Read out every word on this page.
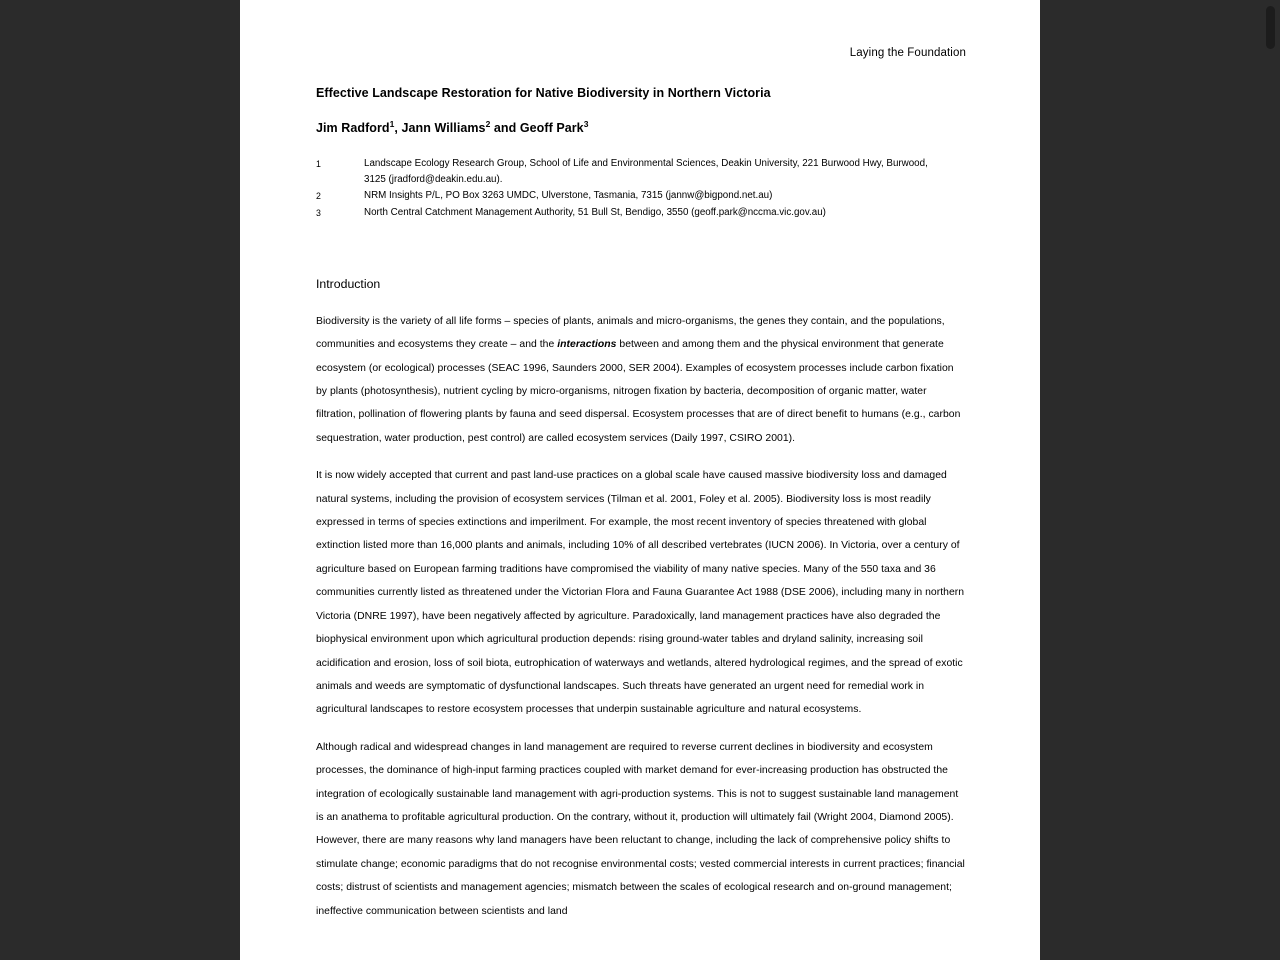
Laying the Foundation
Effective Landscape Restoration for Native Biodiversity in Northern Victoria
Jim Radford$^1$, Jann Williams$^2$ and Geoff Park$^3$
1	Landscape Ecology Research Group, School of Life and Environmental Sciences, Deakin University, 221 Burwood Hwy, Burwood, 3125 (jradford@deakin.edu.au).
2	NRM Insights P/L, PO Box 3263 UMDC, Ulverstone, Tasmania, 7315 (jannw@bigpond.net.au)
3	North Central Catchment Management Authority, 51 Bull St, Bendigo, 3550 (geoff.park@nccma.vic.gov.au)
Introduction
Biodiversity is the variety of all life forms – species of plants, animals and micro-organisms, the genes they contain, and the populations, communities and ecosystems they create – and the interactions between and among them and the physical environment that generate ecosystem (or ecological) processes (SEAC 1996, Saunders 2000, SER 2004). Examples of ecosystem processes include carbon fixation by plants (photosynthesis), nutrient cycling by micro-organisms, nitrogen fixation by bacteria, decomposition of organic matter, water filtration, pollination of flowering plants by fauna and seed dispersal. Ecosystem processes that are of direct benefit to humans (e.g., carbon sequestration, water production, pest control) are called ecosystem services (Daily 1997, CSIRO 2001).
It is now widely accepted that current and past land-use practices on a global scale have caused massive biodiversity loss and damaged natural systems, including the provision of ecosystem services (Tilman et al. 2001, Foley et al. 2005). Biodiversity loss is most readily expressed in terms of species extinctions and imperilment. For example, the most recent inventory of species threatened with global extinction listed more than 16,000 plants and animals, including 10% of all described vertebrates (IUCN 2006). In Victoria, over a century of agriculture based on European farming traditions have compromised the viability of many native species. Many of the 550 taxa and 36 communities currently listed as threatened under the Victorian Flora and Fauna Guarantee Act 1988 (DSE 2006), including many in northern Victoria (DNRE 1997), have been negatively affected by agriculture. Paradoxically, land management practices have also degraded the biophysical environment upon which agricultural production depends: rising ground-water tables and dryland salinity, increasing soil acidification and erosion, loss of soil biota, eutrophication of waterways and wetlands, altered hydrological regimes, and the spread of exotic animals and weeds are symptomatic of dysfunctional landscapes. Such threats have generated an urgent need for remedial work in agricultural landscapes to restore ecosystem processes that underpin sustainable agriculture and natural ecosystems.
Although radical and widespread changes in land management are required to reverse current declines in biodiversity and ecosystem processes, the dominance of high-input farming practices coupled with market demand for ever-increasing production has obstructed the integration of ecologically sustainable land management with agri-production systems. This is not to suggest sustainable land management is an anathema to profitable agricultural production. On the contrary, without it, production will ultimately fail (Wright 2004, Diamond 2005). However, there are many reasons why land managers have been reluctant to change, including the lack of comprehensive policy shifts to stimulate change; economic paradigms that do not recognise environmental costs; vested commercial interests in current practices; financial costs; distrust of scientists and management agencies; mismatch between the scales of ecological research and on-ground management; ineffective communication between scientists and land
